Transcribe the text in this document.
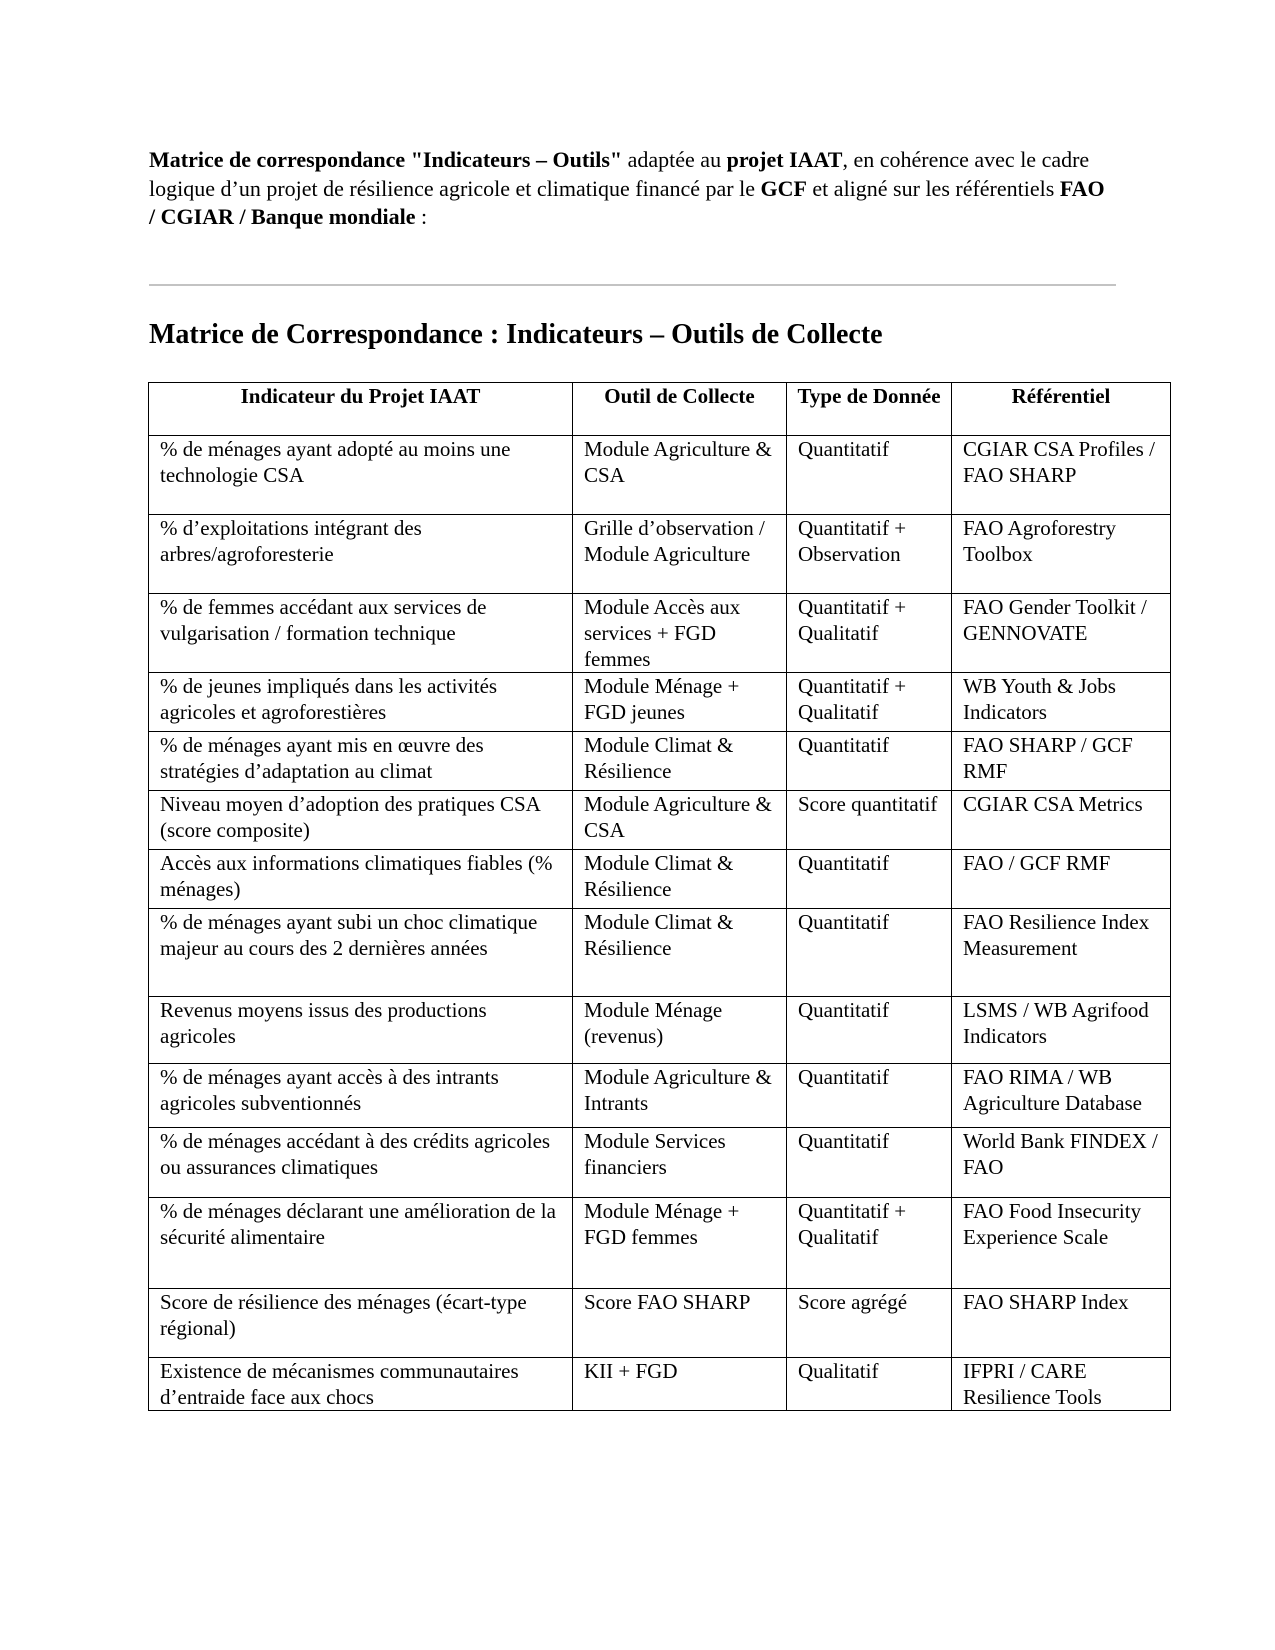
Matrice de correspondance "Indicateurs – Outils" adaptée au projet IAAT, en cohérence avec le cadre logique d’un projet de résilience agricole et climatique financé par le GCF et aligné sur les référentiels FAO / CGIAR / Banque mondiale :

Matrice de Correspondance : Indicateurs – Outils de Collecte
Indicateur du Projet IAAT	Outil de Collecte	Type de Donnée	Référentiel
% de ménages ayant adopté au moins une technologie CSA	Module Agriculture & CSA	Quantitatif	CGIAR CSA Profiles / FAO SHARP
% d’exploitations intégrant des arbres/agroforesterie	Grille d’observation / Module Agriculture	Quantitatif + Observation	FAO Agroforestry Toolbox
% de femmes accédant aux services de vulgarisation / formation technique	Module Accès aux services + FGD femmes	Quantitatif + Qualitatif	FAO Gender Toolkit / GENNOVATE
% de jeunes impliqués dans les activités agricoles et agroforestières	Module Ménage + FGD jeunes	Quantitatif + Qualitatif	WB Youth & Jobs Indicators
% de ménages ayant mis en œuvre des stratégies d’adaptation au climat	Module Climat & Résilience	Quantitatif	FAO SHARP / GCF RMF
Niveau moyen d’adoption des pratiques CSA (score composite)	Module Agriculture & CSA	Score quantitatif	CGIAR CSA Metrics
Accès aux informations climatiques fiables (% ménages)	Module Climat & Résilience	Quantitatif	FAO / GCF RMF
% de ménages ayant subi un choc climatique majeur au cours des 2 dernières années	Module Climat & Résilience	Quantitatif	FAO Resilience Index Measurement
Revenus moyens issus des productions agricoles	Module Ménage (revenus)	Quantitatif	LSMS / WB Agrifood Indicators
% de ménages ayant accès à des intrants agricoles subventionnés	Module Agriculture & Intrants	Quantitatif	FAO RIMA / WB Agriculture Database
% de ménages accédant à des crédits agricoles ou assurances climatiques	Module Services financiers	Quantitatif	World Bank FINDEX / FAO
% de ménages déclarant une amélioration de la sécurité alimentaire	Module Ménage + FGD femmes	Quantitatif + Qualitatif	FAO Food Insecurity Experience Scale
Score de résilience des ménages (écart-type régional)	Score FAO SHARP	Score agrégé	FAO SHARP Index
Existence de mécanismes communautaires d’entraide face aux chocs	KII + FGD	Qualitatif	IFPRI / CARE Resilience Tools
